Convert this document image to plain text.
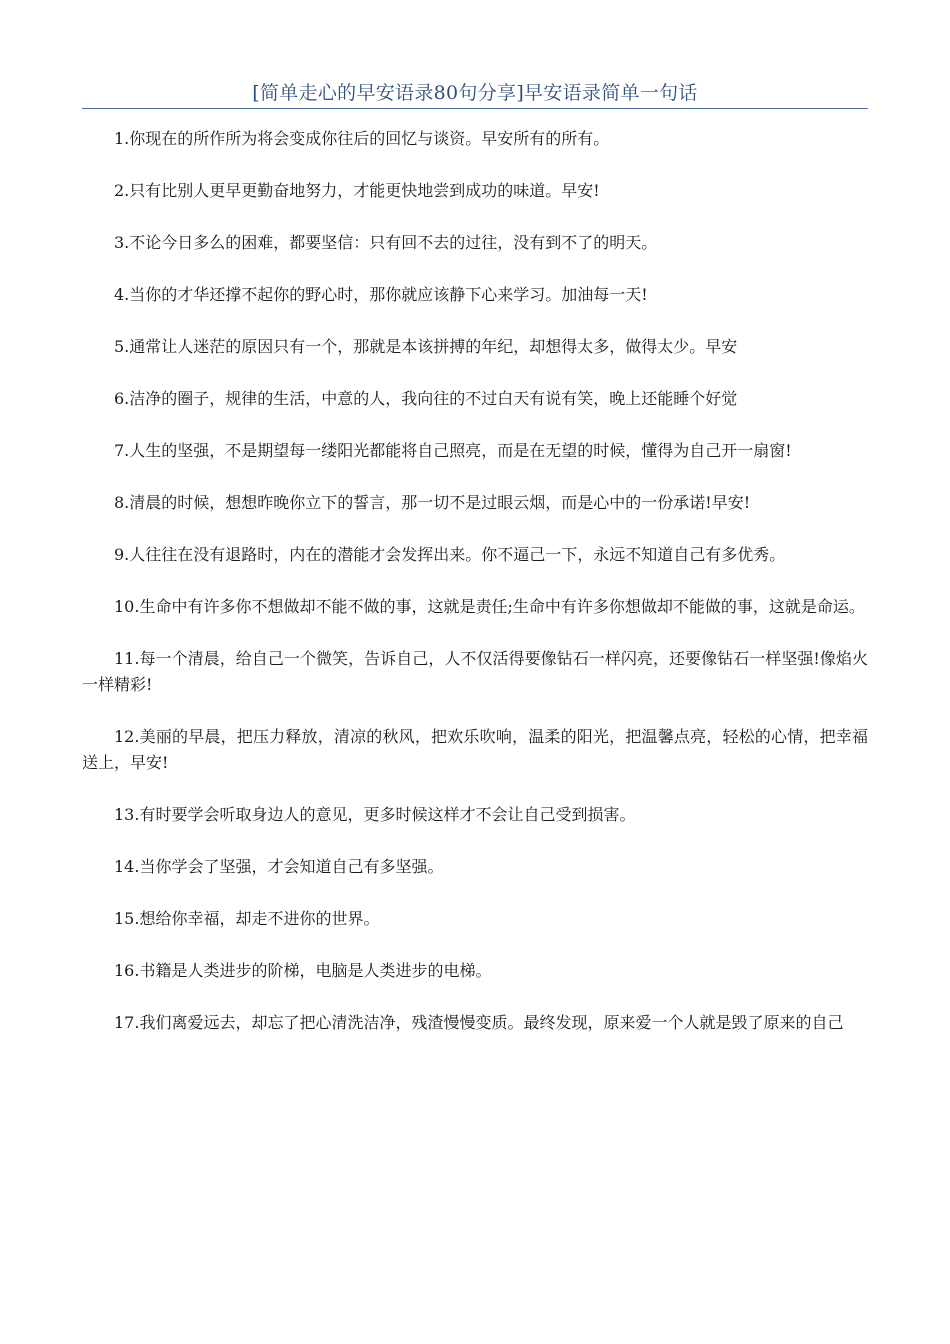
[简单走心的早安语录80句分享]早安语录简单一句话

1.你现在的所作所为将会变成你往后的回忆与谈资。早安所有的所有。

2.只有比别人更早更勤奋地努力，才能更快地尝到成功的味道。早安!

3.不论今日多么的困难，都要坚信：只有回不去的过往，没有到不了的明天。

4.当你的才华还撑不起你的野心时，那你就应该静下心来学习。加油每一天!

5.通常让人迷茫的原因只有一个，那就是本该拼搏的年纪，却想得太多，做得太少。早安

6.洁净的圈子，规律的生活，中意的人，我向往的不过白天有说有笑，晚上还能睡个好觉

7.人生的坚强，不是期望每一缕阳光都能将自己照亮，而是在无望的时候，懂得为自己开一扇窗!

8.清晨的时候，想想昨晚你立下的誓言，那一切不是过眼云烟，而是心中的一份承诺!早安!

9.人往往在没有退路时，内在的潜能才会发挥出来。你不逼己一下，永远不知道自己有多优秀。

10.生命中有许多你不想做却不能不做的事，这就是责任;生命中有许多你想做却不能做的事，这就是命运。

11.每一个清晨，给自己一个微笑，告诉自己，人不仅活得要像钻石一样闪亮，还要像钻石一样坚强!像焰火一样精彩!

12.美丽的早晨，把压力释放，清凉的秋风，把欢乐吹响，温柔的阳光，把温馨点亮，轻松的心情，把幸福送上，早安!

13.有时要学会听取身边人的意见，更多时候这样才不会让自己受到损害。

14.当你学会了坚强，才会知道自己有多坚强。

15.想给你幸福，却走不进你的世界。

16.书籍是人类进步的阶梯，电脑是人类进步的电梯。

17.我们离爱远去，却忘了把心清洗洁净，残渣慢慢变质。最终发现，原来爱一个人就是毁了原来的自己
